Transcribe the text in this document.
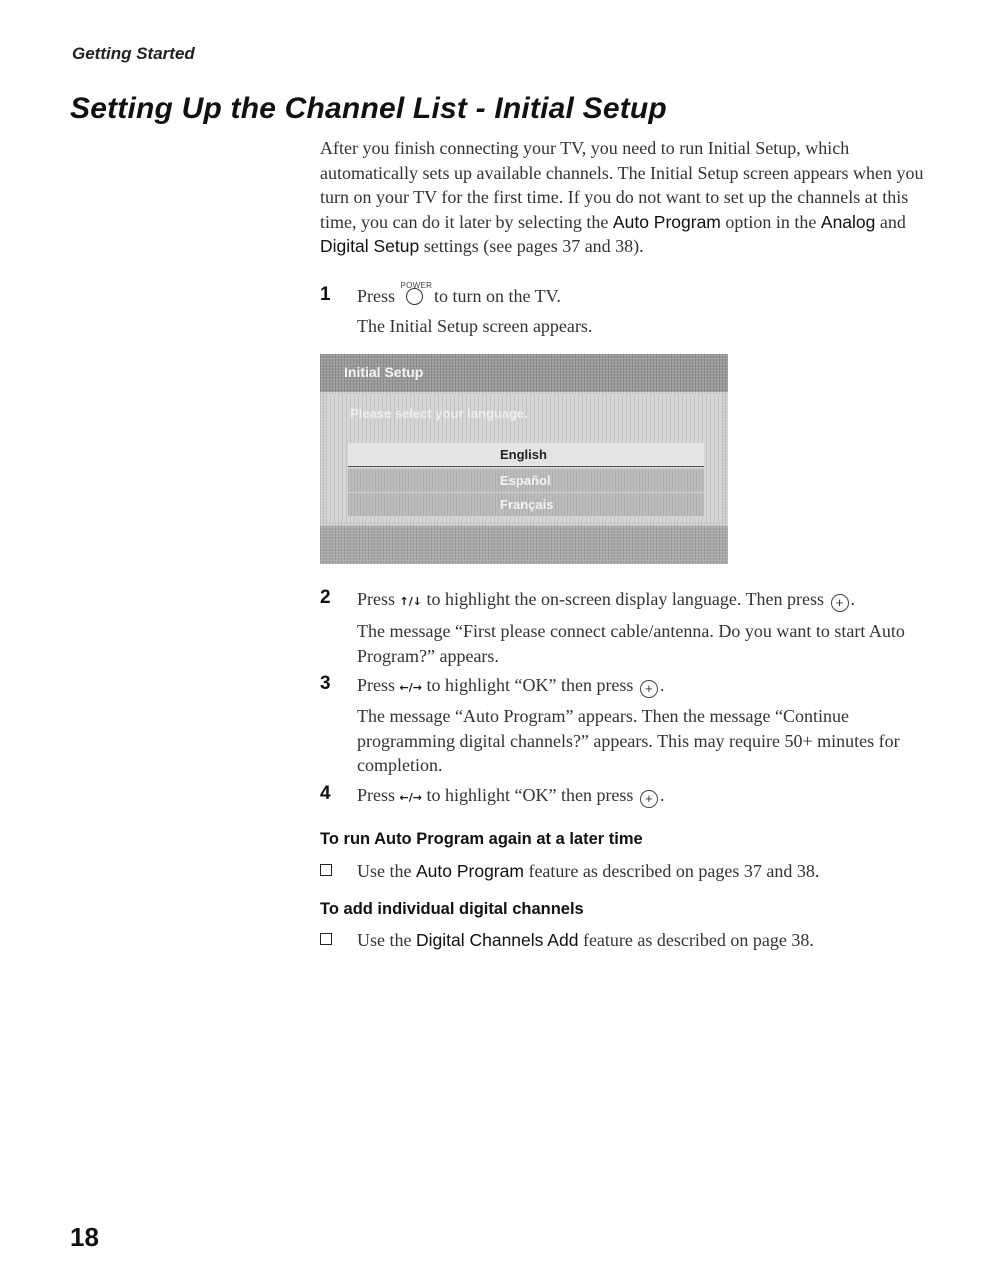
Getting Started
Setting Up the Channel List - Initial Setup
After you finish connecting your TV, you need to run Initial Setup, which automatically sets up available channels. The Initial Setup screen appears when you turn on your TV for the first time. If you do not want to set up the channels at this time, you can do it later by selecting the Auto Program option in the Analog and Digital Setup settings (see pages 37 and 38).
1 Press
POWER
to turn on the TV.
The Initial Setup screen appears.
Initial Setup
Please select your language.
English
Español
Français
2 Press ↑/↓ to highlight the on-screen display language. Then press + .
The message “First please connect cable/antenna. Do you want to start Auto Program?” appears.
3 Press ←/→ to highlight “OK” then press + .
The message “Auto Program” appears. Then the message “Continue programming digital channels?” appears. This may require 50+ minutes for completion.
4 Press ←/→ to highlight “OK” then press + .
To run Auto Program again at a later time
Use the Auto Program feature as described on pages 37 and 38.
To add individual digital channels
Use the Digital Channels Add feature as described on page 38.
18
